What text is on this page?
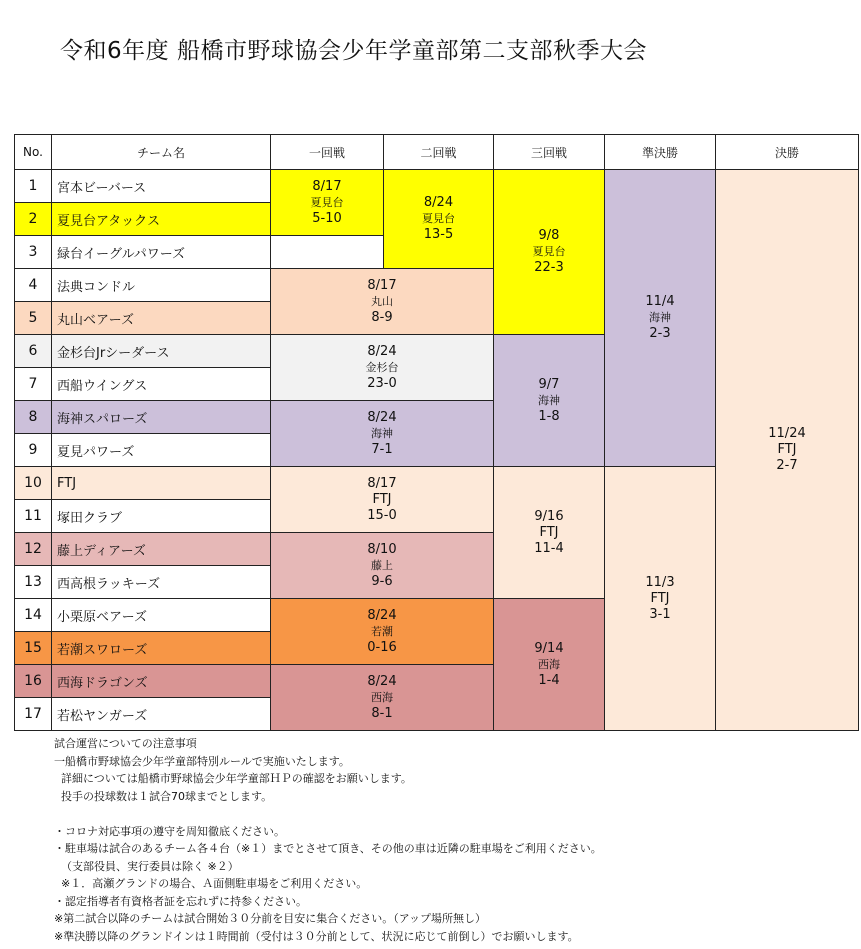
令和6年度 船橋市野球協会少年学童部第二支部秋季大会
No.	チーム名	一回戦	二回戦	三回戦	準決勝	決勝
1	宮本ビーバース	8/17
夏見台
5-10	8/24
夏見台
13-5	9/8
夏見台
22-3	11/4
海神
2-3	11/24
FTJ
2-7

2	夏見台アタックス					
3	緑台イーグルパワーズ					
4	法典コンドル	8/17
丸山
8-9				

5	丸山ベアーズ					
6	金杉台Jrシーダース	8/24
金杉台
23-0		9/7
海神
1-8		

7	西船ウイングス					
8	海神スパローズ	8/24
海神
7-1				

9	夏見パワーズ					
10	FTJ	8/17
FTJ
15-0		9/16
FTJ
11-4	11/3
FTJ
3-1	

11	塚田クラブ					
12	藤上ディアーズ	8/10
藤上
9-6				

13	西高根ラッキーズ					
14	小栗原ベアーズ	8/24
若潮
0-16		9/14
西海
1-4		

15	若潮スワローズ					
16	西海ドラゴンズ	8/24
西海
8-1				

17	若松ヤンガーズ					
試合運営についての注意事項
一船橋市野球協会少年学童部特別ルールで実施いたします。
詳細については船橋市野球協会少年学童部ＨＰの確認をお願いします。
投手の投球数は１試合70球までとします。

・コロナ対応事項の遵守を周知徹底ください。
・駐車場は試合のあるチーム各４台（※１）までとさせて頂き、その他の車は近隣の駐車場をご利用ください。
（支部役員、実行委員は除く ※２）
※１．高瀬グランドの場合、Ａ面側駐車場をご利用ください。
・認定指導者有資格者証を忘れずに持参ください。
※第二試合以降のチームは試合開始３０分前を目安に集合ください。（アップ場所無し）
※準決勝以降のグランドインは１時間前（受付は３０分前として、状況に応じて前倒し）でお願いします。
